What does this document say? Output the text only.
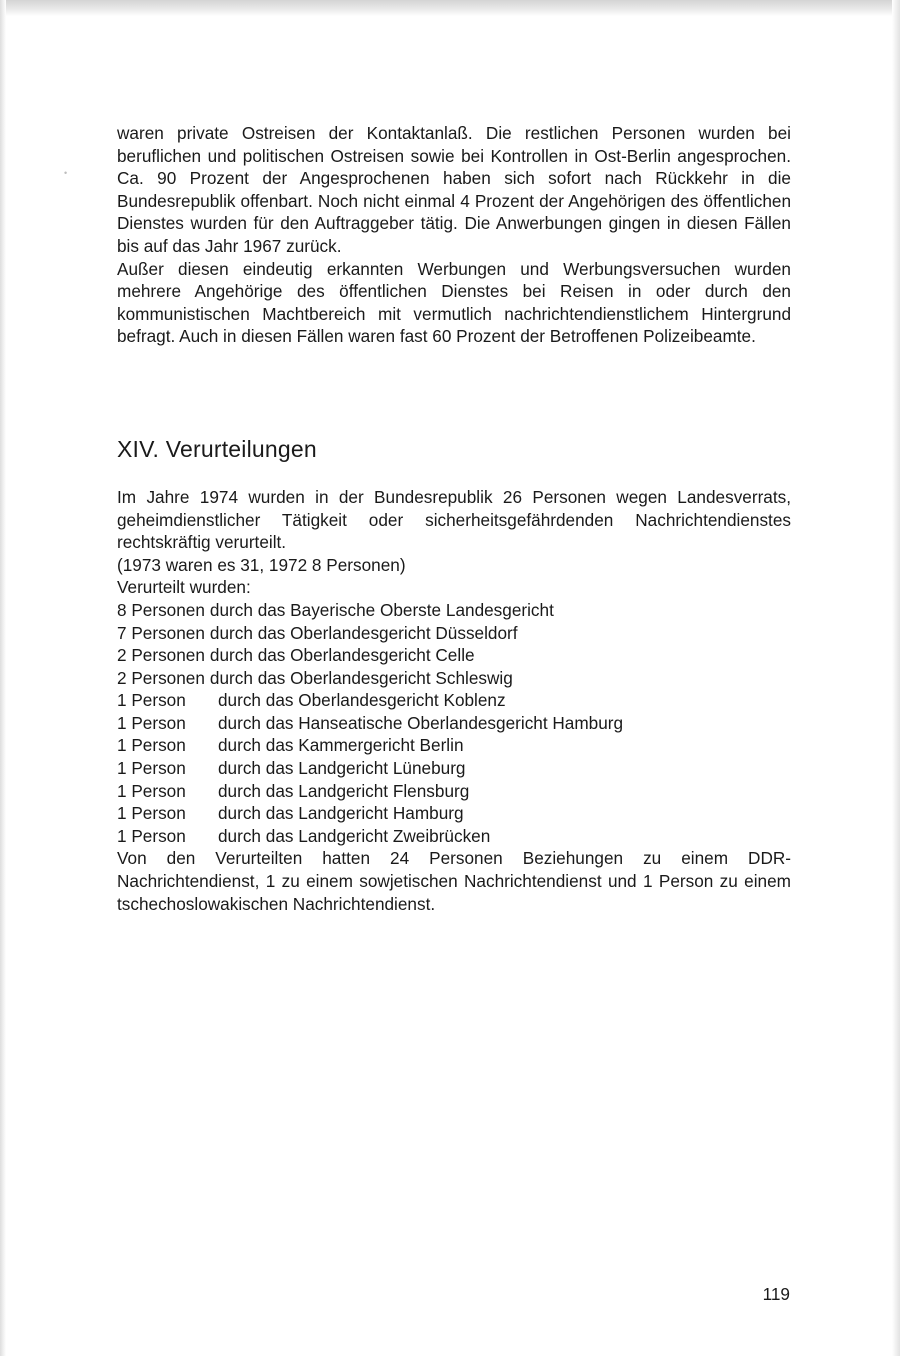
•

waren private Ostreisen der Kontaktanlaß. Die restlichen Personen wurden bei beruflichen und politischen Ostreisen sowie bei Kontrollen in Ost-Berlin angesprochen. Ca. 90 Prozent der Angesprochenen haben sich sofort nach Rückkehr in die Bundesrepublik offenbart. Noch nicht einmal 4 Prozent der Angehörigen des öffentlichen Dienstes wurden für den Auftraggeber tätig. Die Anwerbungen gingen in diesen Fällen bis auf das Jahr 1967 zurück.

Außer diesen eindeutig erkannten Werbungen und Werbungsversuchen wurden mehrere Angehörige des öffentlichen Dienstes bei Reisen in oder durch den kommunistischen Machtbereich mit vermutlich nachrichtendienstlichem Hintergrund befragt. Auch in diesen Fällen waren fast 60 Prozent der Betroffenen Polizeibeamte.

XIV. Verurteilungen

Im Jahre 1974 wurden in der Bundesrepublik 26 Personen wegen Landesverrats, geheimdienstlicher Tätigkeit oder sicherheitsgefährdenden Nachrichtendienstes rechtskräftig verurteilt.

(1973 waren es 31, 1972 8 Personen)

Verurteilt wurden:

8 Personen durch das Bayerische Oberste Landesgericht
7 Personen durch das Oberlandesgericht Düsseldorf
2 Personen durch das Oberlandesgericht Celle
2 Personen durch das Oberlandesgericht Schleswig
1 Person	durch das Oberlandesgericht Koblenz
1 Person	durch das Hanseatische Oberlandesgericht Hamburg
1 Person	durch das Kammergericht Berlin
1 Person	durch das Landgericht Lüneburg
1 Person	durch das Landgericht Flensburg
1 Person	durch das Landgericht Hamburg
1 Person	durch das Landgericht Zweibrücken

Von den Verurteilten hatten 24 Personen Beziehungen zu einem DDR-Nachrichtendienst, 1 zu einem sowjetischen Nachrichtendienst und 1 Person zu einem tschechoslowakischen Nachrichtendienst.

119
